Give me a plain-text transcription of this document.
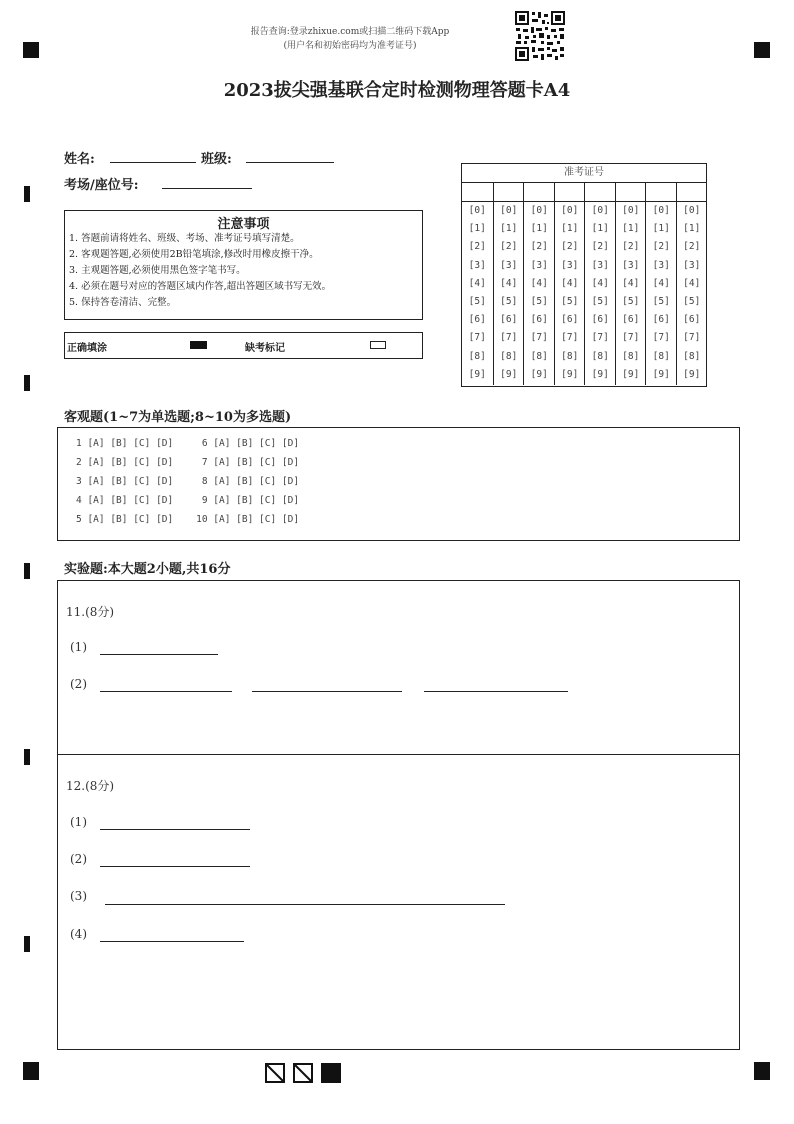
报告查询:登录zhixue.com或扫描二维码下载App
(用户名和初始密码均为准考证号)
2023拔尖强基联合定时检测物理答题卡A4
姓名:	班级:
考场/座位号:
注意事项
1. 答题前请将姓名、班级、考场、准考证号填写清楚。
2. 客观题答题,必须使用2B铅笔填涂,修改时用橡皮擦干净。
3. 主观题答题,必须使用黑色签字笔书写。
4. 必须在题号对应的答题区域内作答,超出答题区域书写无效。
5. 保持答卷清洁、完整。
正确填涂	缺考标记
准考证号
[0]
[1]
[2]
[3]
[4]
[5]
[6]
[7]
[8]
[9]
[0]
[1]
[2]
[3]
[4]
[5]
[6]
[7]
[8]
[9]
[0]
[1]
[2]
[3]
[4]
[5]
[6]
[7]
[8]
[9]
[0]
[1]
[2]
[3]
[4]
[5]
[6]
[7]
[8]
[9]
[0]
[1]
[2]
[3]
[4]
[5]
[6]
[7]
[8]
[9]
[0]
[1]
[2]
[3]
[4]
[5]
[6]
[7]
[8]
[9]
[0]
[1]
[2]
[3]
[4]
[5]
[6]
[7]
[8]
[9]
[0]
[1]
[2]
[3]
[4]
[5]
[6]
[7]
[8]
[9]
客观题(1~7为单选题;8~10为多选题)
1 [A] [B] [C] [D]     6 [A] [B] [C] [D]
2 [A] [B] [C] [D]     7 [A] [B] [C] [D]
3 [A] [B] [C] [D]     8 [A] [B] [C] [D]
4 [A] [B] [C] [D]     9 [A] [B] [C] [D]
5 [A] [B] [C] [D]    10 [A] [B] [C] [D]
实验题:本大题2小题,共16分
11.(8分)
(1)
(2)
12.(8分)
(1)
(2)
(3)
(4)
